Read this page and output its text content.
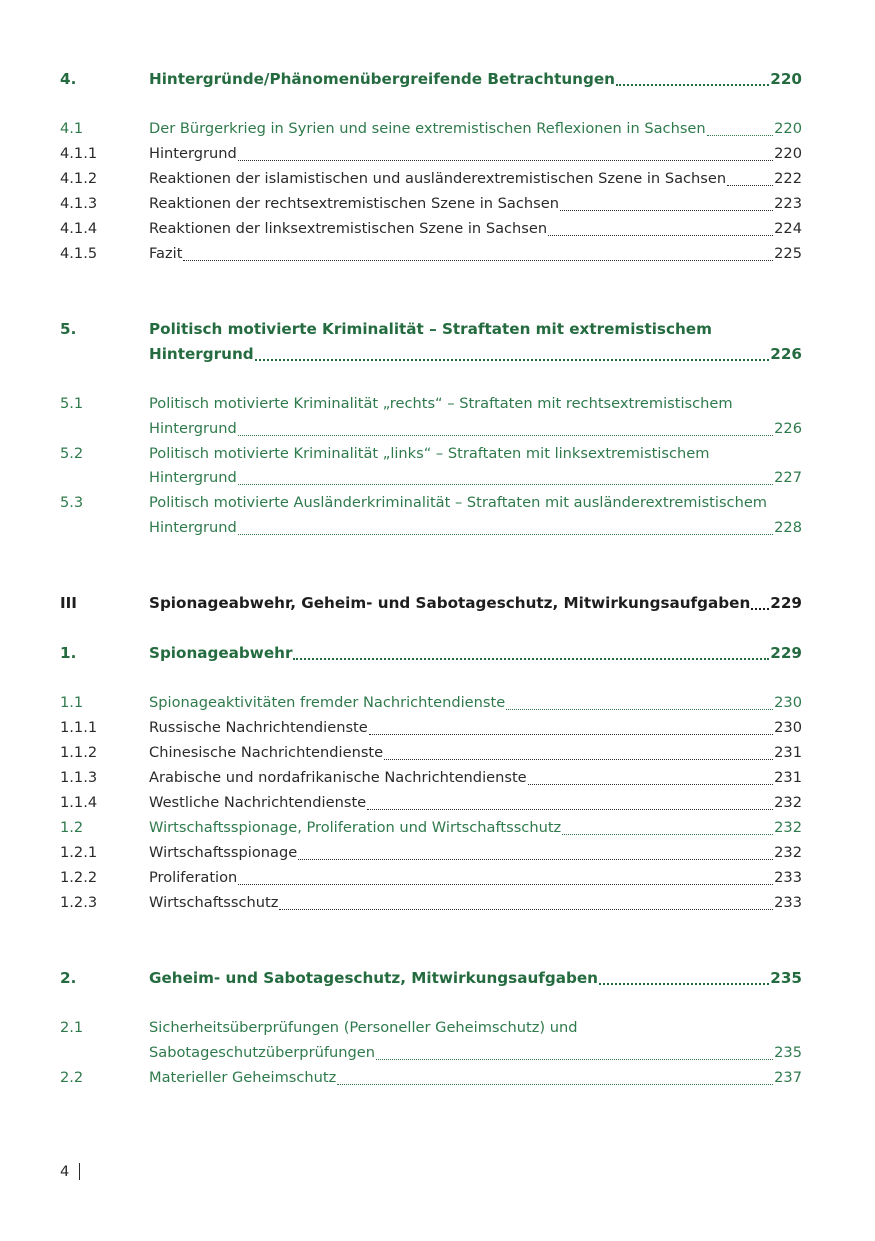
4.	Hintergründe/Phänomenübergreifende Betrachtungen	220
4.1	Der Bürgerkrieg in Syrien und seine extremistischen Reflexionen in Sachsen	220
4.1.1	Hintergrund	220
4.1.2	Reaktionen der islamistischen und ausländerextremistischen Szene in Sachsen	222
4.1.3	Reaktionen der rechtsextremistischen Szene in Sachsen	223
4.1.4	Reaktionen der linksextremistischen Szene in Sachsen	224
4.1.5	Fazit	225
5.	Politisch motivierte Kriminalität – Straftaten mit extremistischem
Hintergrund	226
5.1	Politisch motivierte Kriminalität „rechts“ – Straftaten mit rechtsextremistischem
Hintergrund	226
5.2	Politisch motivierte Kriminalität „links“ – Straftaten mit linksextremistischem
Hintergrund	227
5.3	Politisch motivierte Ausländerkriminalität – Straftaten mit ausländerextremistischem
Hintergrund	228
III	Spionageabwehr, Geheim- und Sabotageschutz, Mitwirkungsaufgaben 229
1.	Spionageabwehr	229
1.1	Spionageaktivitäten fremder Nachrichtendienste	230
1.1.1	Russische Nachrichtendienste	230
1.1.2	Chinesische Nachrichtendienste	231
1.1.3	Arabische und nordafrikanische Nachrichtendienste	231
1.1.4	Westliche Nachrichtendienste	232
1.2	Wirtschaftsspionage, Proliferation und Wirtschaftsschutz	232
1.2.1	Wirtschaftsspionage	232
1.2.2	Proliferation	233
1.2.3	Wirtschaftsschutz	233
2.	Geheim- und Sabotageschutz, Mitwirkungsaufgaben	235
2.1	Sicherheitsüberprüfungen (Personeller Geheimschutz) und
Sabotageschutzüberprüfungen	235
2.2	Materieller Geheimschutz	237
4
